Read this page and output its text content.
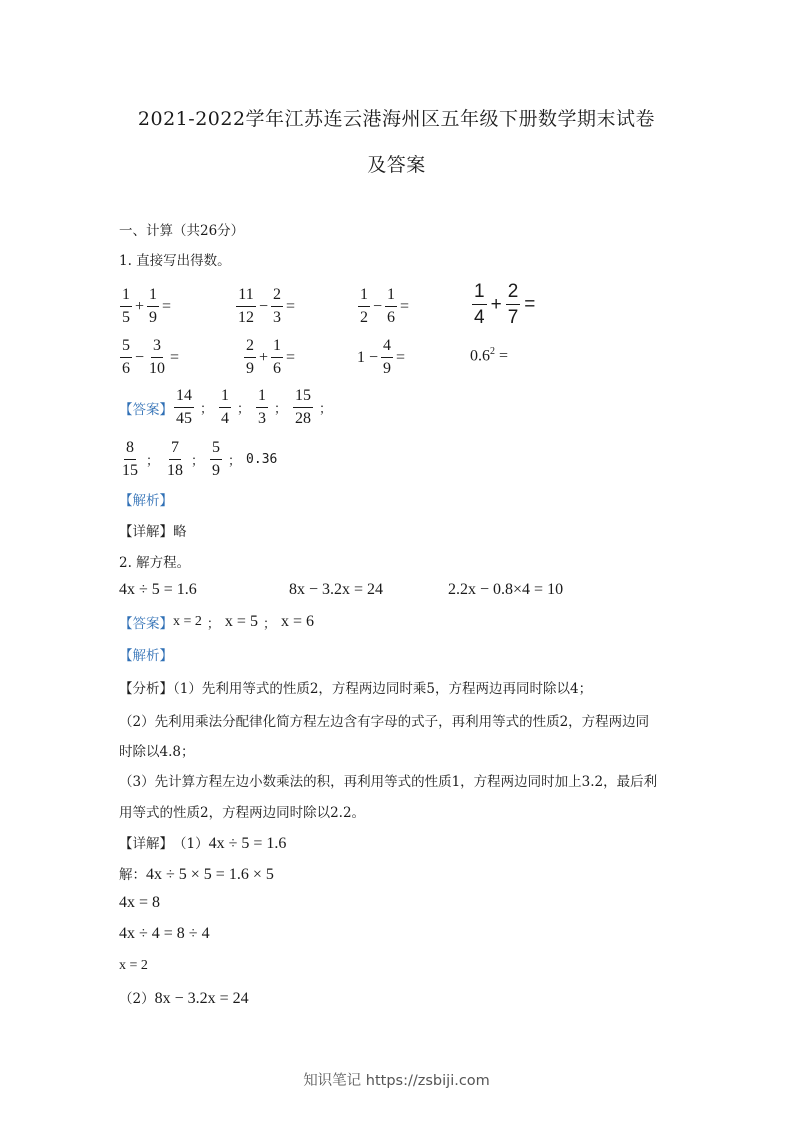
2021-2022学年江苏连云港海州区五年级下册数学期末试卷
及答案
一、计算（共26分）
1. 直接写出得数。
$\frac{1}{5} + \frac{1}{9}$ =	$\frac{11}{12} - \frac{2}{3}$ =	$\frac{1}{2} - \frac{1}{6}$ =	$\frac{1}{4} + \frac{2}{7}$ =
$\frac{5}{6} - \frac{3}{10}$ =	$\frac{2}{9} + \frac{1}{6}$ =	$1 - \frac{4}{9}$ =	$0.6^2$ =
【答案】 $\frac{14}{45}$ ； $\frac{1}{4}$ ； $\frac{1}{3}$ ； $\frac{15}{28}$ ；
$\frac{8}{15}$ ； $\frac{7}{18}$ ； $\frac{5}{9}$ ； 0.36
【解析】
【详解】略
2. 解方程。
4x ÷ 5 = 1.6	8x − 3.2x = 24	2.2x − 0.8×4 = 10
【答案】 x = 2 ； x = 5 ； x = 6
【解析】
【分析】（1）先利用等式的性质2，方程两边同时乘5，方程两边再同时除以4；
（2）先利用乘法分配律化简方程左边含有字母的式子，再利用等式的性质2，方程两边同
时除以4.8；
（3）先计算方程左边小数乘法的积，再利用等式的性质1，方程两边同时加上3.2，最后利
用等式的性质2，方程两边同时除以2.2。
【详解】 （1） 4x ÷ 5 = 1.6
解： 4x ÷ 5 × 5 = 1.6 × 5
4x = 8
4x ÷ 4 = 8 ÷ 4
x = 2
（2） 8x − 3.2x = 24
知识笔记 https://zsbiji.com
